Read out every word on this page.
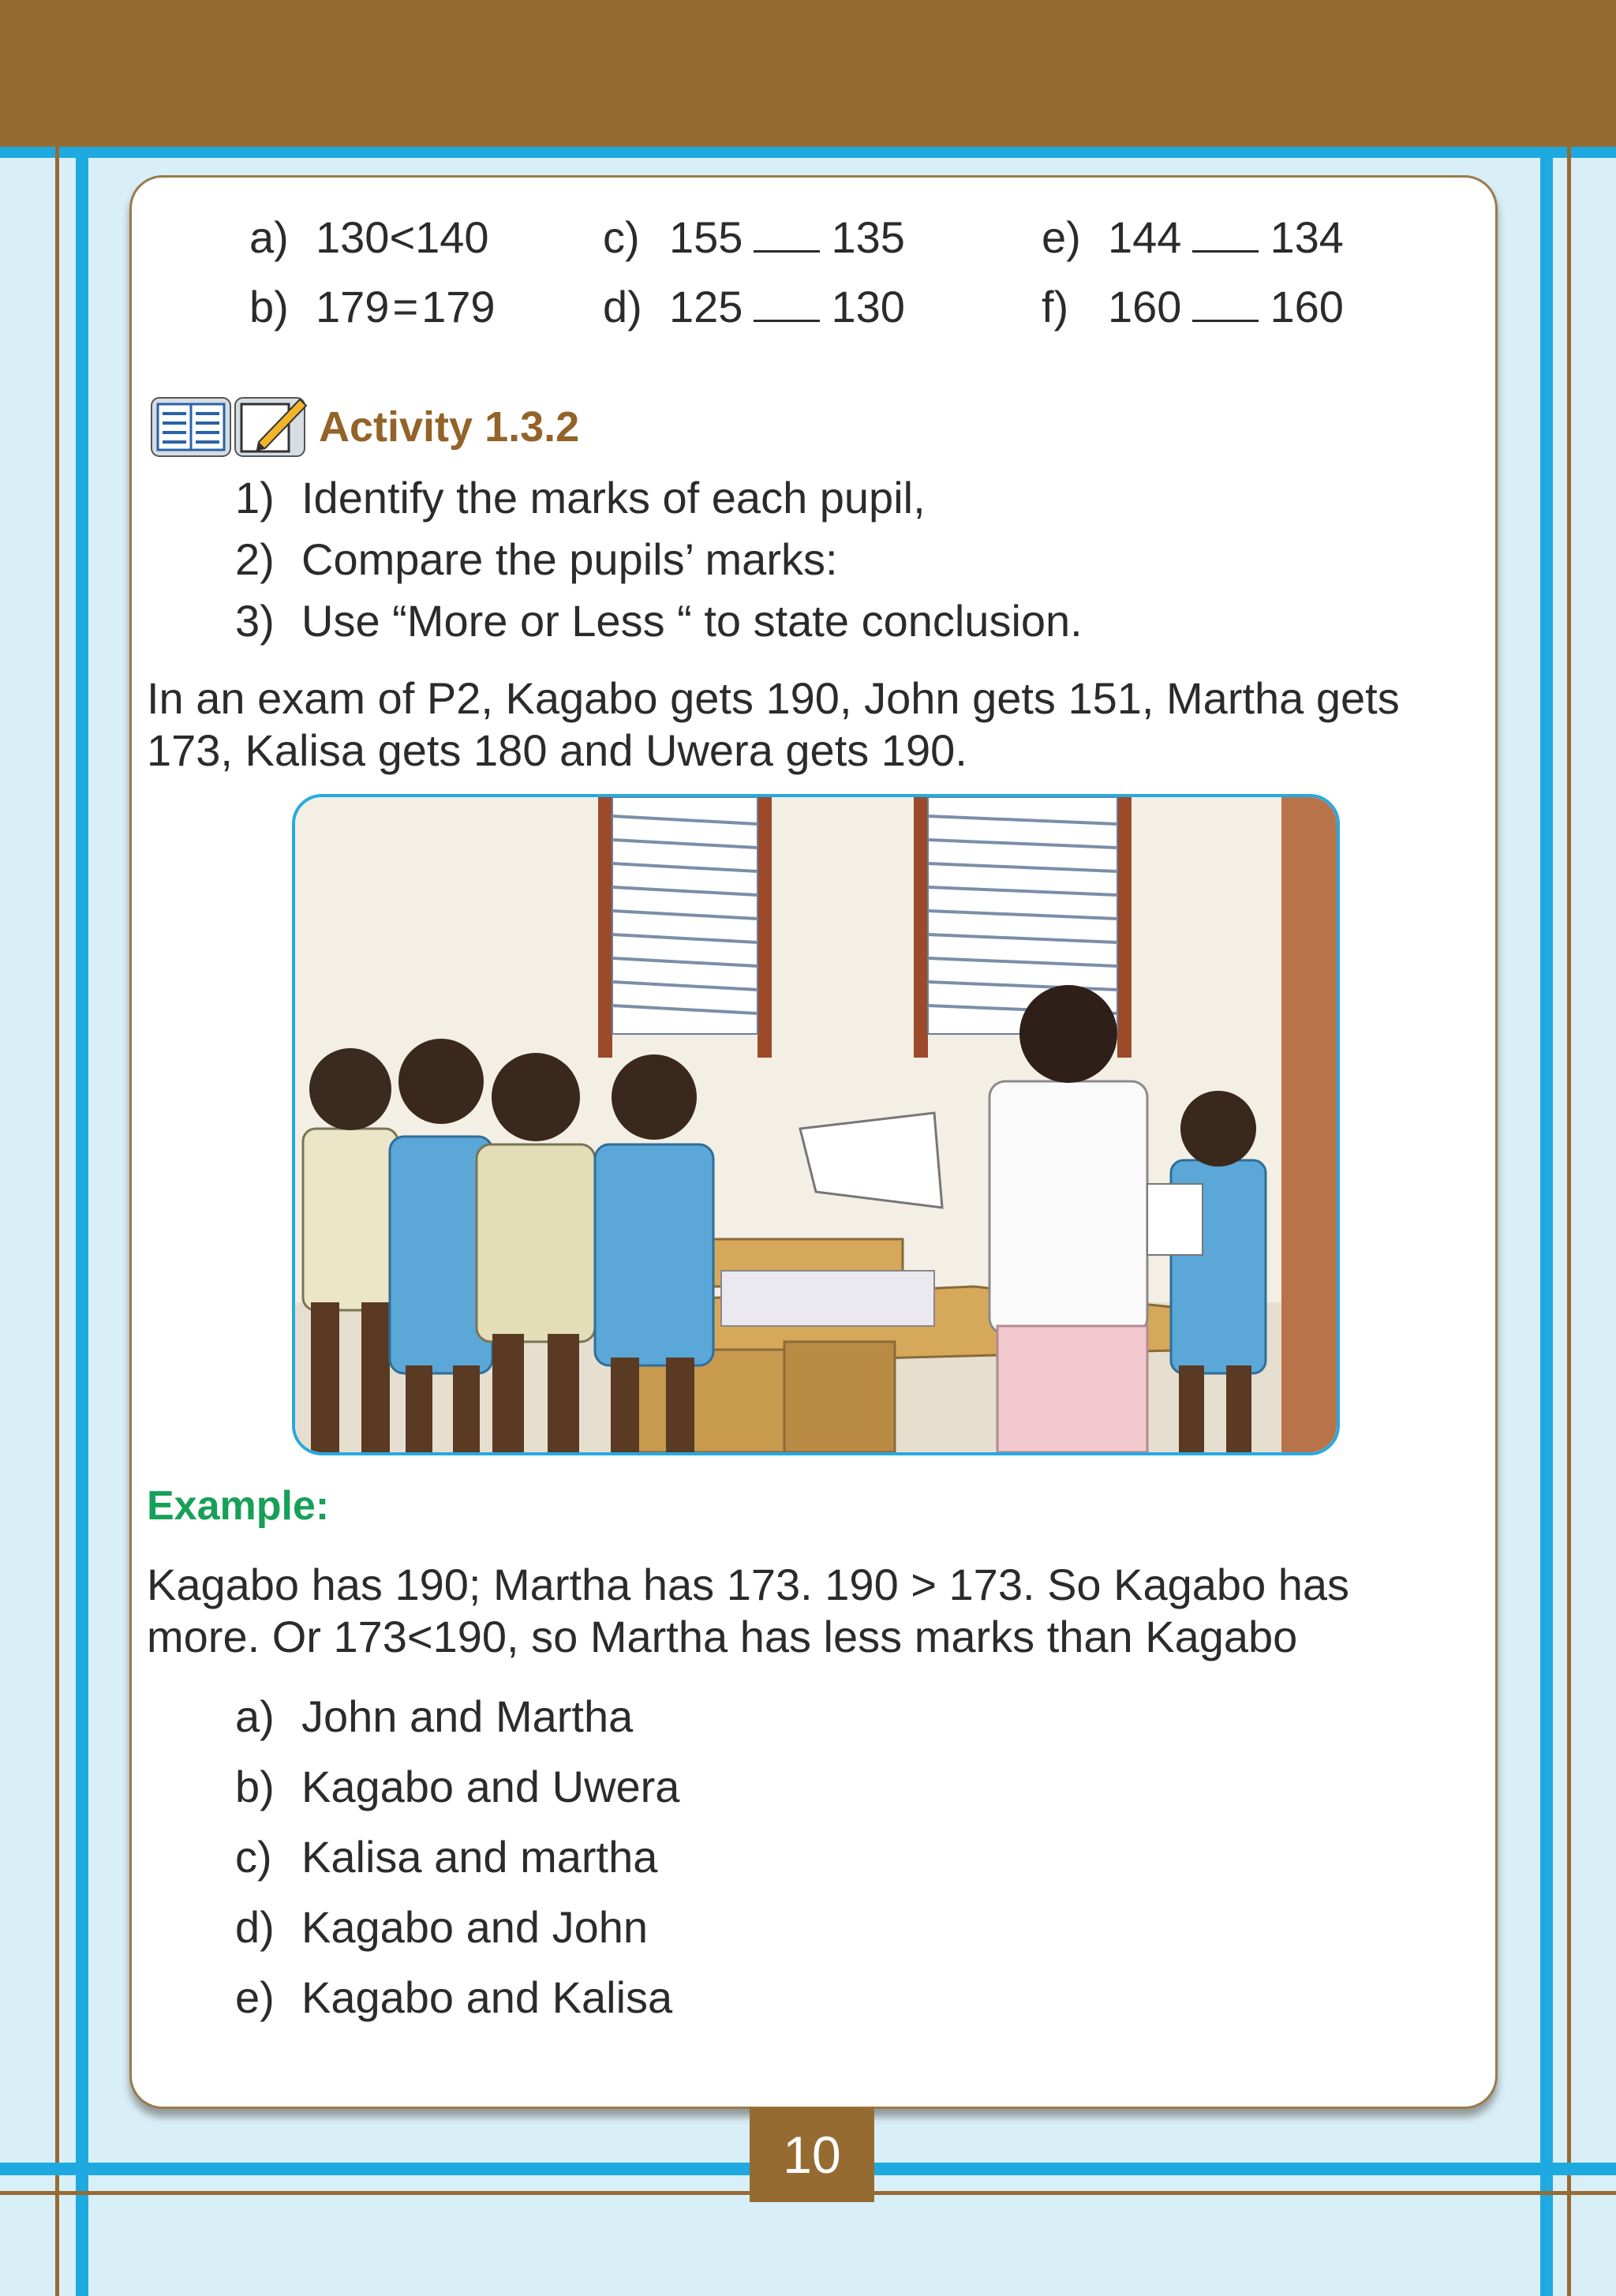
a) 130<140
b) 179=179
c) 155 135
d) 125 130
e) 144 134
f) 160 160
Activity 1.3.2
1) Identify the marks of each pupil,
2) Compare the pupils’ marks:
3) Use “More or Less “ to state conclusion.
In an exam of P2, Kagabo gets 190, John gets 151, Martha gets
173, Kalisa gets 180 and Uwera gets 190.
Example:
Kagabo has 190; Martha has 173. 190 > 173. So Kagabo has
more. Or 173<190, so Martha has less marks than Kagabo
a) John and Martha
b) Kagabo and Uwera
c) Kalisa and martha
d) Kagabo and John
e) Kagabo and Kalisa
10
